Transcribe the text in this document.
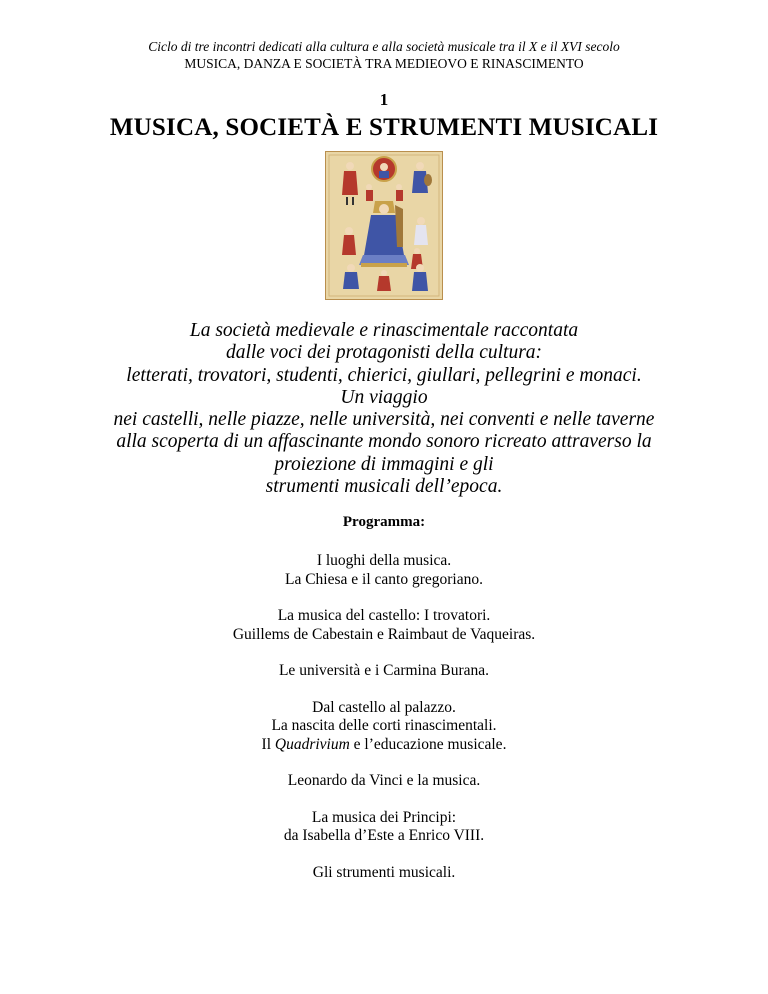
Ciclo di tre incontri dedicati alla cultura e alla società musicale tra il X e il XVI secolo
MUSICA, DANZA E SOCIETÀ TRA MEDIEOVO E RINASCIMENTO
1
MUSICA, SOCIETÀ E STRUMENTI MUSICALI
La società medievale e rinascimentale raccontata
dalle voci dei protagonisti della cultura:
letterati, trovatori, studenti, chierici, giullari, pellegrini e monaci.
Un viaggio
nei castelli, nelle piazze, nelle università, nei conventi e nelle taverne
alla scoperta di un affascinante mondo sonoro ricreato attraverso la
proiezione di immagini e gli
strumenti musicali dell’epoca.
Programma:
I luoghi della musica.
La Chiesa e il canto gregoriano.
La musica del castello: I trovatori.
Guillems de Cabestain e Raimbaut de Vaqueiras.
Le università e i Carmina Burana.
Dal castello al palazzo.
La nascita delle corti rinascimentali.
Il Quadrivium e l’educazione musicale.
Leonardo da Vinci e la musica.
La musica dei Principi:
da Isabella d’Este a Enrico VIII.
Gli strumenti musicali.
